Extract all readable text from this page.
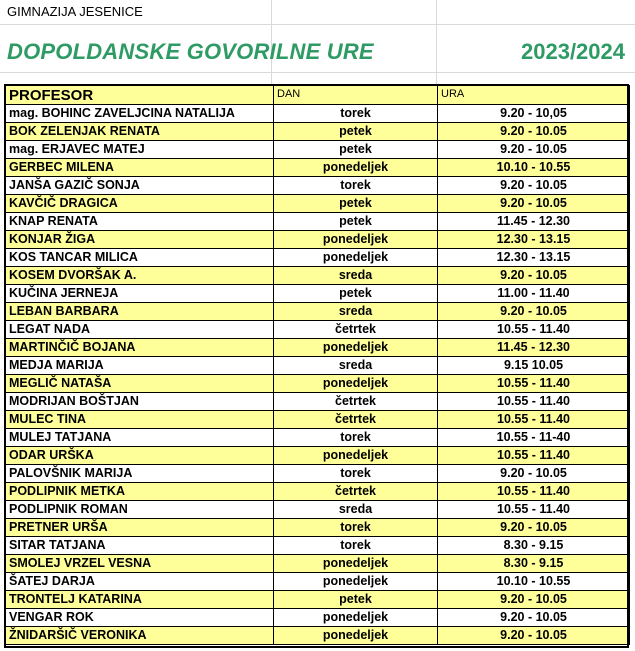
GIMNAZIJA JESENICE
DOPOLDANSKE GOVORILNE URE	2023/2024
PROFESOR	DAN	URA
mag. BOHINC ZAVELJCINA NATALIJA	torek	9.20 - 10,05
BOK ZELENJAK RENATA	petek	9.20 - 10.05
mag. ERJAVEC MATEJ	petek	9.20 - 10.05
GERBEC MILENA	ponedeljek	10.10 - 10.55
JANŠA GAZIČ SONJA	torek	9.20 - 10.05
KAVČIČ DRAGICA	petek	9.20 - 10.05
KNAP RENATA	petek	11.45 - 12.30
KONJAR ŽIGA	ponedeljek	12.30 - 13.15
KOS TANCAR MILICA	ponedeljek	12.30 - 13.15
KOSEM DVORŠAK A.	sreda	9.20 - 10.05
KUČINA JERNEJA	petek	11.00 - 11.40
LEBAN BARBARA	sreda	9.20 - 10.05
LEGAT NADA	četrtek	10.55 - 11.40
MARTINČIČ BOJANA	ponedeljek	11.45 - 12.30
MEDJA MARIJA	sreda	9.15 10.05
MEGLIČ NATAŠA	ponedeljek	10.55 - 11.40
MODRIJAN BOŠTJAN	četrtek	10.55 - 11.40
MULEC TINA	četrtek	10.55 - 11.40
MULEJ TATJANA	torek	10.55 - 11-40
ODAR URŠKA	ponedeljek	10.55 - 11.40
PALOVŠNIK MARIJA	torek	9.20 - 10.05
PODLIPNIK METKA	četrtek	10.55 - 11.40
PODLIPNIK ROMAN	sreda	10.55 - 11.40
PRETNER URŠA	torek	9.20 - 10.05
SITAR TATJANA	torek	8.30 - 9.15
SMOLEJ VRZEL VESNA	ponedeljek	8.30 - 9.15
ŠATEJ DARJA	ponedeljek	10.10 - 10.55
TRONTELJ KATARINA	petek	9.20 - 10.05
VENGAR ROK	ponedeljek	9.20 - 10.05
ŽNIDARŠIČ VERONIKA	ponedeljek	9.20 - 10.05
